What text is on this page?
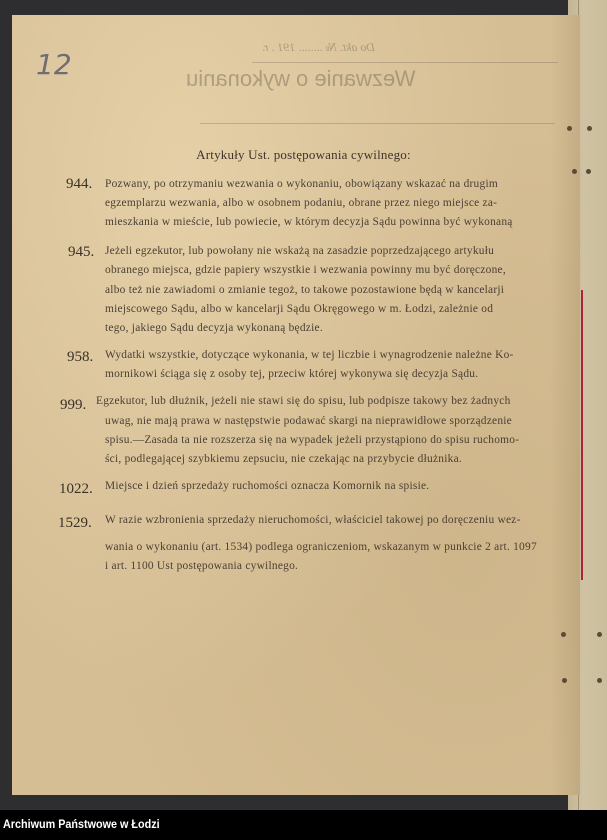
12
Do akt. № ........ 191 . r.
Wezwanie o wykonaniu
Artykuły Ust. postępowania cywilnego:
944. Pozwany, po otrzymaniu wezwania o wykonaniu, obowiązany wskazać na drugim
egzemplarzu wezwania, albo w osobnem podaniu, obrane przez niego miejsce za-
mieszkania w mieście, lub powiecie, w którym decyzja Sądu powinna być wykonaną
945. Jeżeli egzekutor, lub powołany nie wskażą na zasadzie poprzedzającego artykułu
obranego miejsca, gdzie papiery wszystkie i wezwania powinny mu być doręczone,
albo też nie zawiadomi o zmianie tegoż, to takowe pozostawione będą w kancelarji
miejscowego Sądu, albo w kancelarji Sądu Okręgowego w m. Łodzi, zależnie od
tego, jakiego Sądu decyzja wykonaną będzie.
958. Wydatki wszystkie, dotyczące wykonania, w tej liczbie i wynagrodzenie należne Ko-
mornikowi ściąga się z osoby tej, przeciw której wykonywa się decyzja Sądu.
999. Egzekutor, lub dłużnik, jeżeli nie stawi się do spisu, lub podpisze takowy bez żadnych
uwag, nie mają prawa w następstwie podawać skargi na nieprawidłowe sporządzenie
spisu.—Zasada ta nie rozszerza się na wypadek jeżeli przystąpiono do spisu ruchomo-
ści, podlegającej szybkiemu zepsuciu, nie czekając na przybycie dłużnika.
1022. Miejsce i dzień sprzedaży ruchomości oznacza Komornik na spisie.
1529. W razie wzbronienia sprzedaży nieruchomości, właściciel takowej po doręczeniu wez-
wania o wykonaniu (art. 1534) podlega ograniczeniom, wskazanym w punkcie 2 art. 1097
i art. 1100 Ust postępowania cywilnego.
Archiwum Państwowe w Łodzi
